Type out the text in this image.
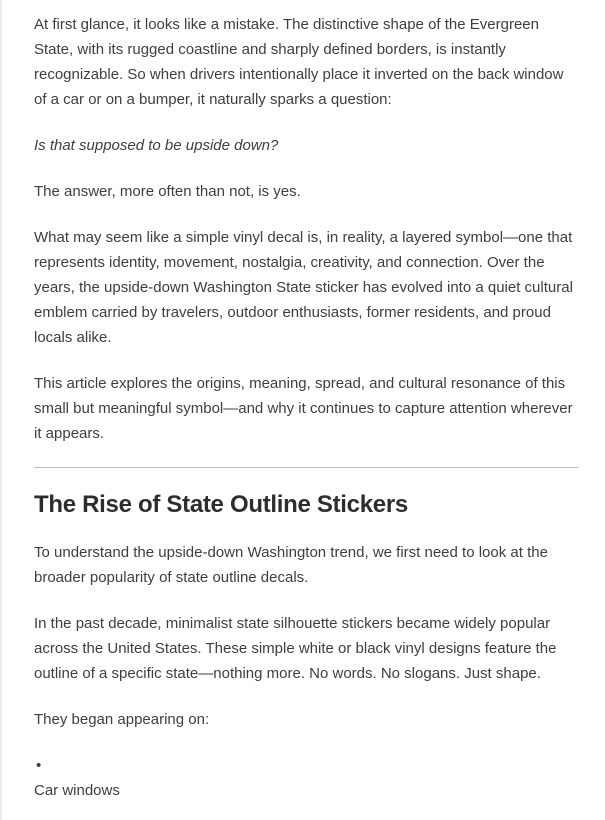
At first glance, it looks like a mistake. The distinctive shape of the Evergreen State, with its rugged coastline and sharply defined borders, is instantly recognizable. So when drivers intentionally place it inverted on the back window of a car or on a bumper, it naturally sparks a question:

Is that supposed to be upside down?

The answer, more often than not, is yes.

What may seem like a simple vinyl decal is, in reality, a layered symbol—one that represents identity, movement, nostalgia, creativity, and connection. Over the years, the upside-down Washington State sticker has evolved into a quiet cultural emblem carried by travelers, outdoor enthusiasts, former residents, and proud locals alike.

This article explores the origins, meaning, spread, and cultural resonance of this small but meaningful symbol—and why it continues to capture attention wherever it appears.

The Rise of State Outline Stickers

To understand the upside-down Washington trend, we first need to look at the broader popularity of state outline decals.

In the past decade, minimalist state silhouette stickers became widely popular across the United States. These simple white or black vinyl designs feature the outline of a specific state—nothing more. No words. No slogans. Just shape.

They began appearing on:

•

Car windows
